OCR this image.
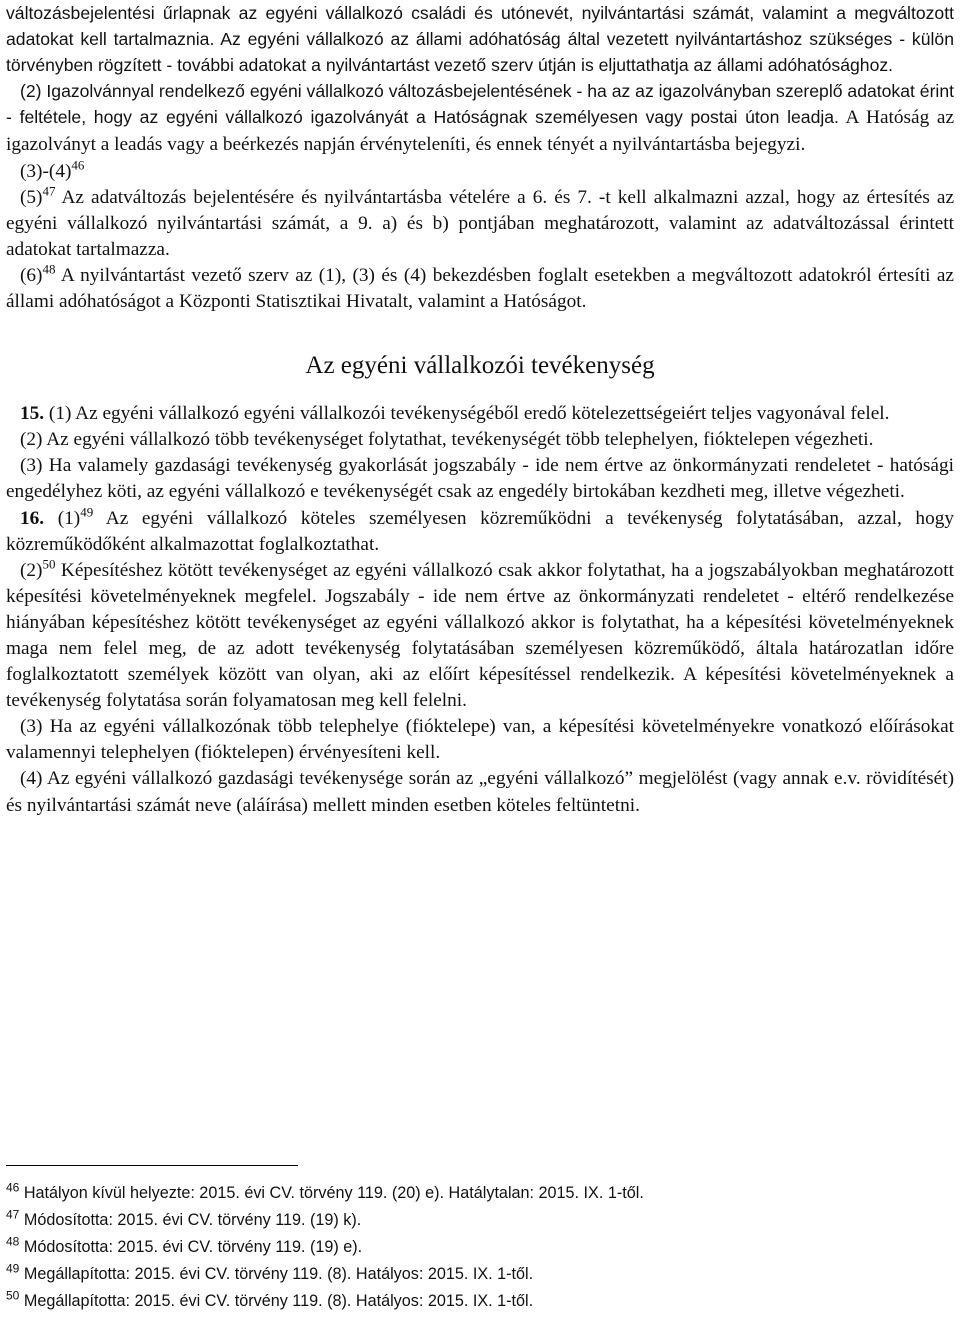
változásbejelentési űrlapnak az egyéni vállalkozó családi és utónevét, nyilvántartási számát, valamint a megváltozott adatokat kell tartalmaznia. Az egyéni vállalkozó az állami adóhatóság által vezetett nyilvántartáshoz szükséges - külön törvényben rögzített - további adatokat a nyilvántartást vezető szerv útján is eljuttathatja az állami adóhatósághoz.

(2) Igazolvánnyal rendelkező egyéni vállalkozó változásbejelentésének - ha az az igazolványban szereplő adatokat érint - feltétele, hogy az egyéni vállalkozó igazolványát a Hatóságnak személyesen vagy postai úton leadja. A Hatóság az igazolványt a leadás vagy a beérkezés napján érvényteleníti, és ennek tényét a nyilvántartásba bejegyzi.

$(3)-(4)^{46}$

$(5)^{47}$ Az adatváltozás bejelentésére és nyilvántartásba vételére a 6. és 7. -t kell alkalmazni azzal, hogy az értesítés az egyéni vállalkozó nyilvántartási számát, a 9. a) és b) pontjában meghatározott, valamint az adatváltozással érintett adatokat tartalmazza.

$(6)^{48}$ A nyilvántartást vezető szerv az (1), (3) és (4) bekezdésben foglalt esetekben a megváltozott adatokról értesíti az állami adóhatóságot a Központi Statisztikai Hivatalt, valamint a Hatóságot.

Az egyéni vállalkozói tevékenység

15. (1) Az egyéni vállalkozó egyéni vállalkozói tevékenységéből eredő kötelezettségeiért teljes vagyonával felel.

(2) Az egyéni vállalkozó több tevékenységet folytathat, tevékenységét több telephelyen, fióktelepen végezheti.

(3) Ha valamely gazdasági tevékenység gyakorlását jogszabály - ide nem értve az önkormányzati rendeletet - hatósági engedélyhez köti, az egyéni vállalkozó e tevékenységét csak az engedély birtokában kezdheti meg, illetve végezheti.

16. $(1)^{49}$ Az egyéni vállalkozó köteles személyesen közreműködni a tevékenység folytatásában, azzal, hogy közreműködőként alkalmazottat foglalkoztathat.

$(2)^{50}$ Képesítéshez kötött tevékenységet az egyéni vállalkozó csak akkor folytathat, ha a jogszabályokban meghatározott képesítési követelményeknek megfelel. Jogszabály - ide nem értve az önkormányzati rendeletet - eltérő rendelkezése hiányában képesítéshez kötött tevékenységet az egyéni vállalkozó akkor is folytathat, ha a képesítési követelményeknek maga nem felel meg, de az adott tevékenység folytatásában személyesen közreműködő, általa határozatlan időre foglalkoztatott személyek között van olyan, aki az előírt képesítéssel rendelkezik. A képesítési követelményeknek a tevékenység folytatása során folyamatosan meg kell felelni.

(3) Ha az egyéni vállalkozónak több telephelye (fióktelepe) van, a képesítési követelményekre vonatkozó előírásokat valamennyi telephelyen (fióktelepen) érvényesíteni kell.

(4) Az egyéni vállalkozó gazdasági tevékenysége során az „egyéni vállalkozó” megjelölést (vagy annak e.v. rövidítését) és nyilvántartási számát neve (aláírása) mellett minden esetben köteles feltüntetni.

$^{46}$ Hatályon kívül helyezte: 2015. évi CV. törvény 119. (20) e). Hatálytalan: 2015. IX. 1-től.
$^{47}$ Módosította: 2015. évi CV. törvény 119. (19) k).
$^{48}$ Módosította: 2015. évi CV. törvény 119. (19) e).
$^{49}$ Megállapította: 2015. évi CV. törvény 119. (8). Hatályos: 2015. IX. 1-től.
$^{50}$ Megállapította: 2015. évi CV. törvény 119. (8). Hatályos: 2015. IX. 1-től.
